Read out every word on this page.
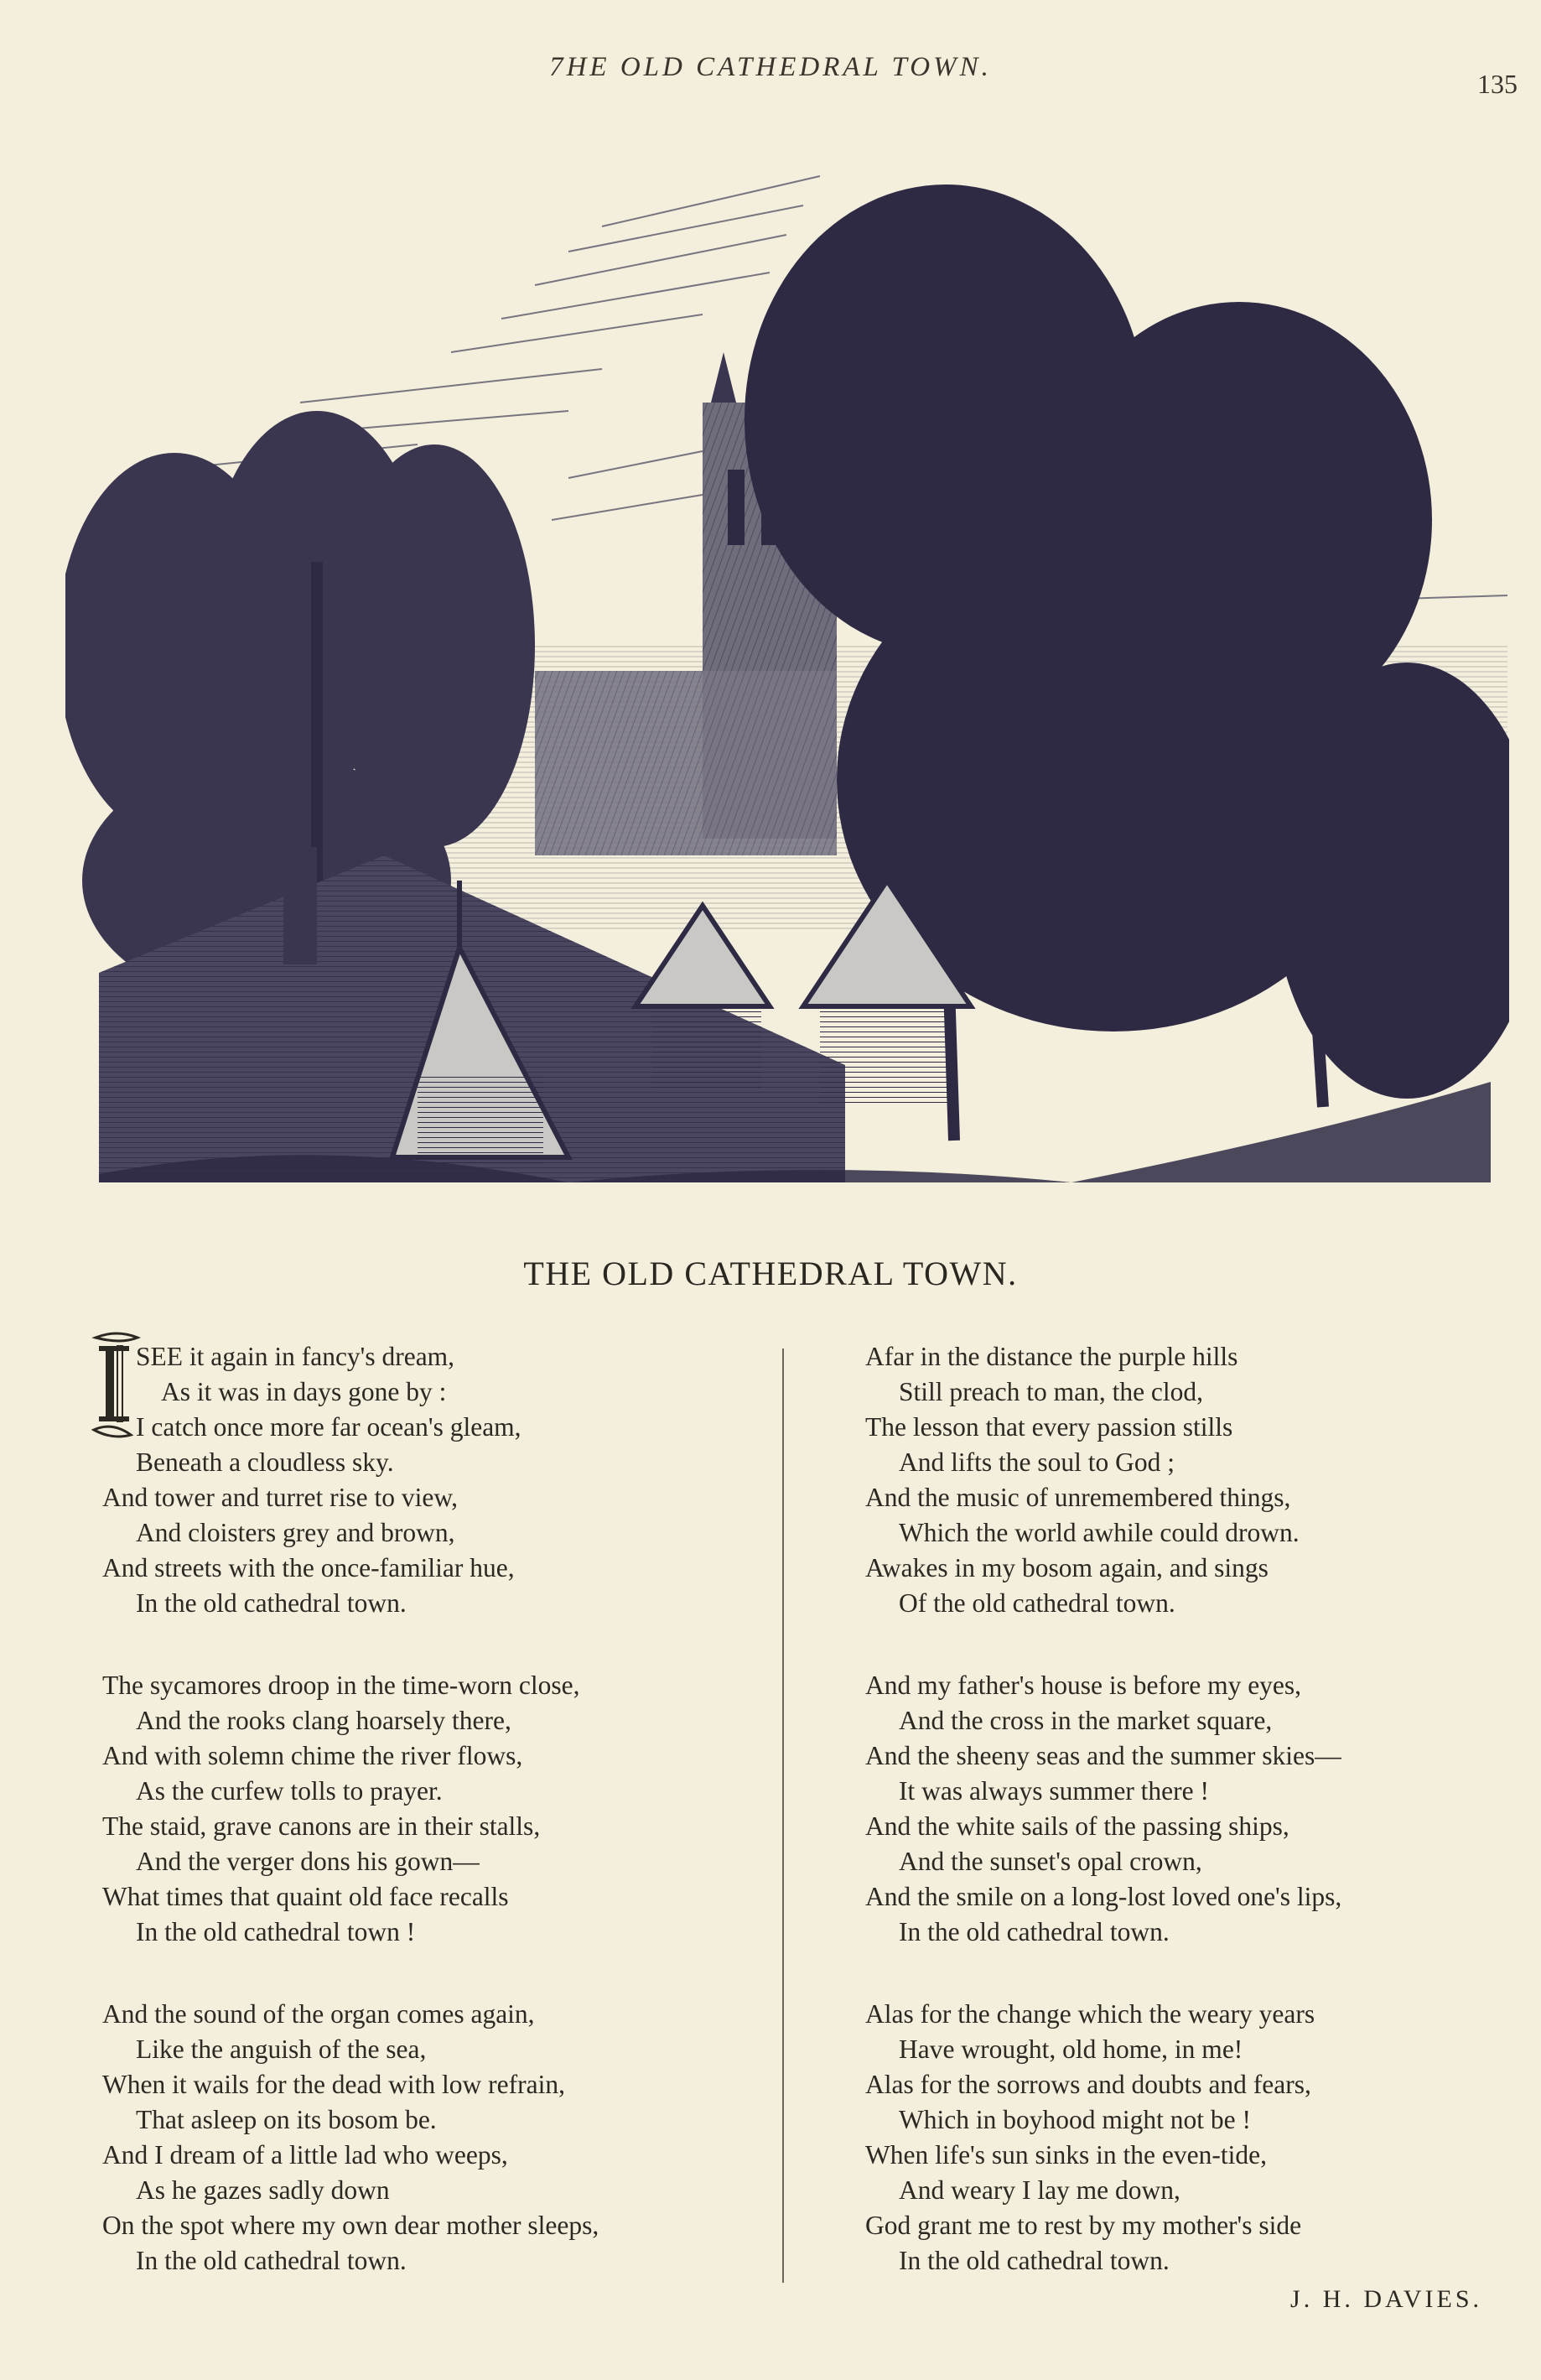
7HE OLD CATHEDRAL TOWN.
135
THE OLD CATHEDRAL TOWN.
I
SEE it again in fancy's dream,
As it was in days gone by :
I catch once more far ocean's gleam,
Beneath a cloudless sky.
And tower and turret rise to view,
And cloisters grey and brown,
And streets with the once-familiar hue,
In the old cathedral town.
The sycamores droop in the time-worn close,
And the rooks clang hoarsely there,
And with solemn chime the river flows,
As the curfew tolls to prayer.
The staid, grave canons are in their stalls,
And the verger dons his gown—
What times that quaint old face recalls
In the old cathedral town !
And the sound of the organ comes again,
Like the anguish of the sea,
When it wails for the dead with low refrain,
That asleep on its bosom be.
And I dream of a little lad who weeps,
As he gazes sadly down
On the spot where my own dear mother sleeps,
In the old cathedral town.
Afar in the distance the purple hills
Still preach to man, the clod,
The lesson that every passion stills
And lifts the soul to God ;
And the music of unremembered things,
Which the world awhile could drown.
Awakes in my bosom again, and sings
Of the old cathedral town.
And my father's house is before my eyes,
And the cross in the market square,
And the sheeny seas and the summer skies—
It was always summer there !
And the white sails of the passing ships,
And the sunset's opal crown,
And the smile on a long-lost loved one's lips,
In the old cathedral town.
Alas for the change which the weary years
Have wrought, old home, in me!
Alas for the sorrows and doubts and fears,
Which in boyhood might not be !
When life's sun sinks in the even-tide,
And weary I lay me down,
God grant me to rest by my mother's side
In the old cathedral town.
J. H. DAVIES.
